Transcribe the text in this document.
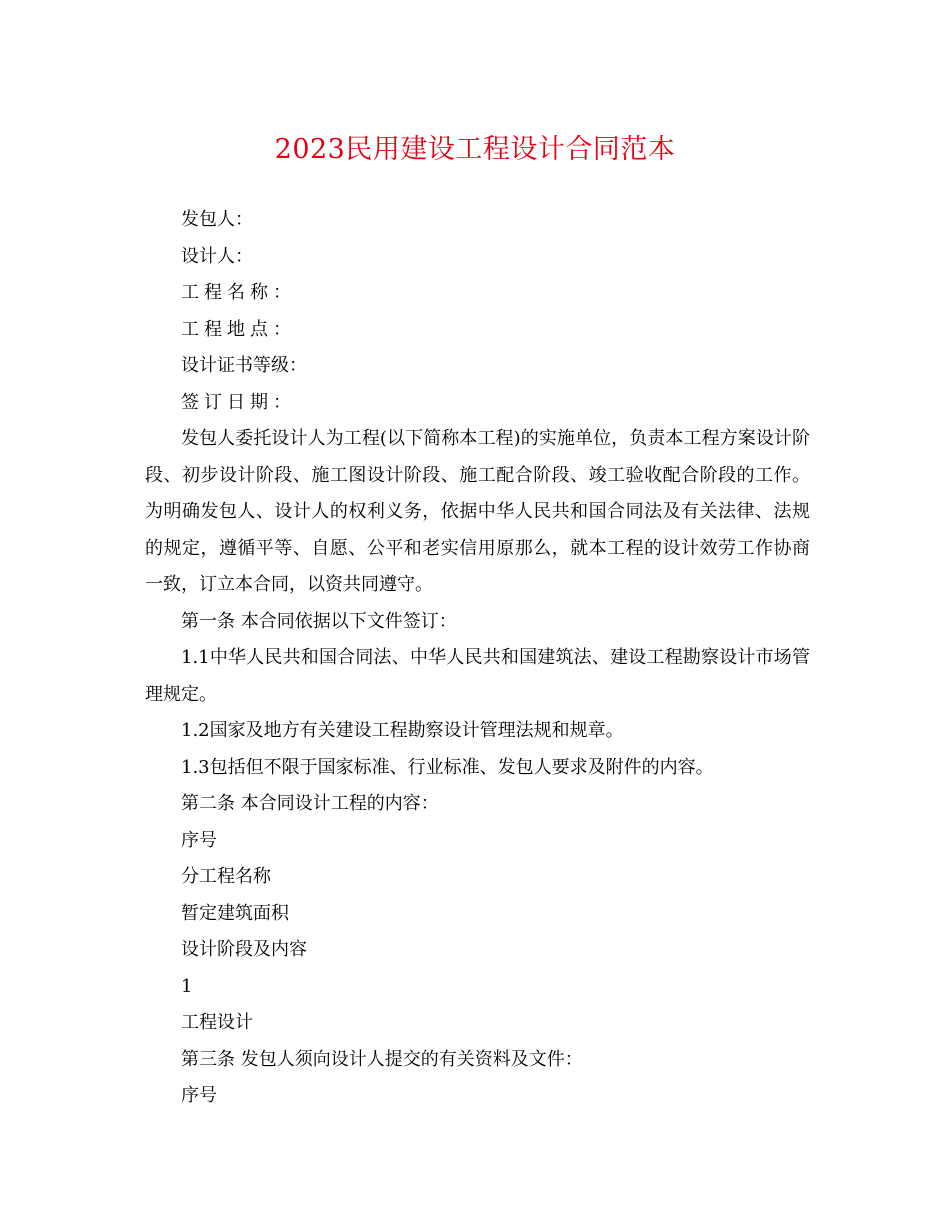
2023民用建设工程设计合同范本

发包人：

设计人：

工程名称：

工程地点：

设计证书等级：

签订日期：

发包人委托设计人为工程(以下简称本工程)的实施单位，负责本工程方案设计阶段、初步设计阶段、施工图设计阶段、施工配合阶段、竣工验收配合阶段的工作。为明确发包人、设计人的权利义务，依据中华人民共和国合同法及有关法律、法规的规定，遵循平等、自愿、公平和老实信用原那么，就本工程的设计效劳工作协商一致，订立本合同，以资共同遵守。

第一条 本合同依据以下文件签订：

1.1中华人民共和国合同法、中华人民共和国建筑法、建设工程勘察设计市场管理规定。

1.2国家及地方有关建设工程勘察设计管理法规和规章。

1.3包括但不限于国家标准、行业标准、发包人要求及附件的内容。

第二条 本合同设计工程的内容：

序号

分工程名称

暂定建筑面积

设计阶段及内容

1

工程设计

第三条 发包人须向设计人提交的有关资料及文件：

序号
